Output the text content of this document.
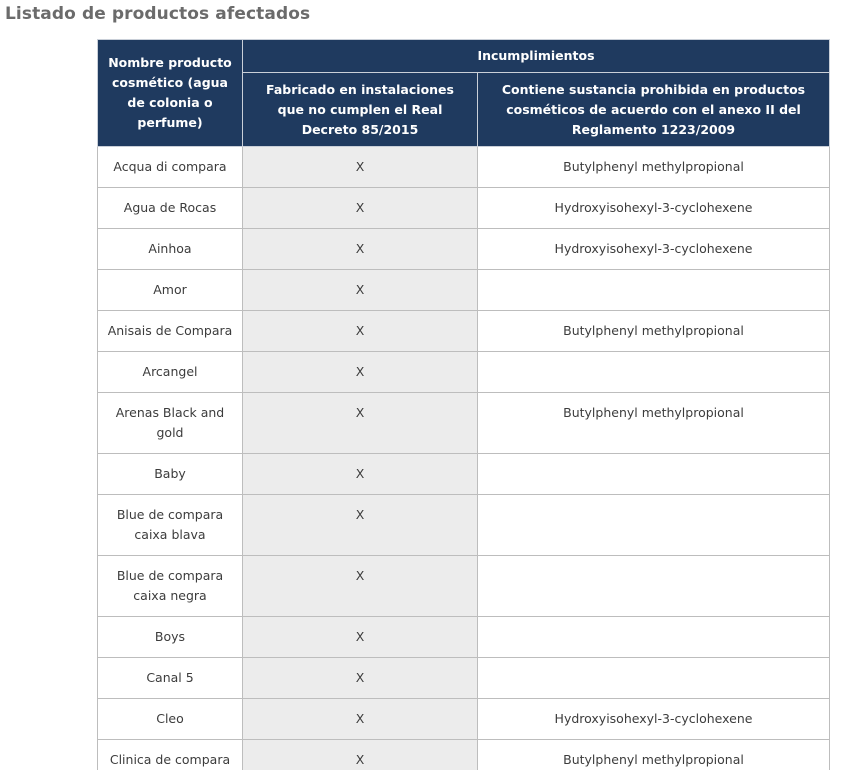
Listado de productos afectados
Nombre producto cosmético (agua de colonia o perfume)	Incumplimientos	
	Fabricado en instalaciones que no cumplen el Real Decreto 85/2015	Contiene sustancia prohibida en productos cosméticos de acuerdo con el anexo II del Reglamento 1223/2009
Acqua di compara	X	Butylphenyl methylpropional
Agua de Rocas	X	Hydroxyisohexyl-3-cyclohexene
Ainhoa	X	Hydroxyisohexyl-3-cyclohexene
Amor	X	
Anisais de Compara	X	Butylphenyl methylpropional
Arcangel	X	
Arenas Black and gold	X	Butylphenyl methylpropional
Baby	X	
Blue de compara caixa blava	X	
Blue de compara caixa negra	X	
Boys	X	
Canal 5	X	
Cleo	X	Hydroxyisohexyl-3-cyclohexene
Clinica de compara	X	Butylphenyl methylpropional
